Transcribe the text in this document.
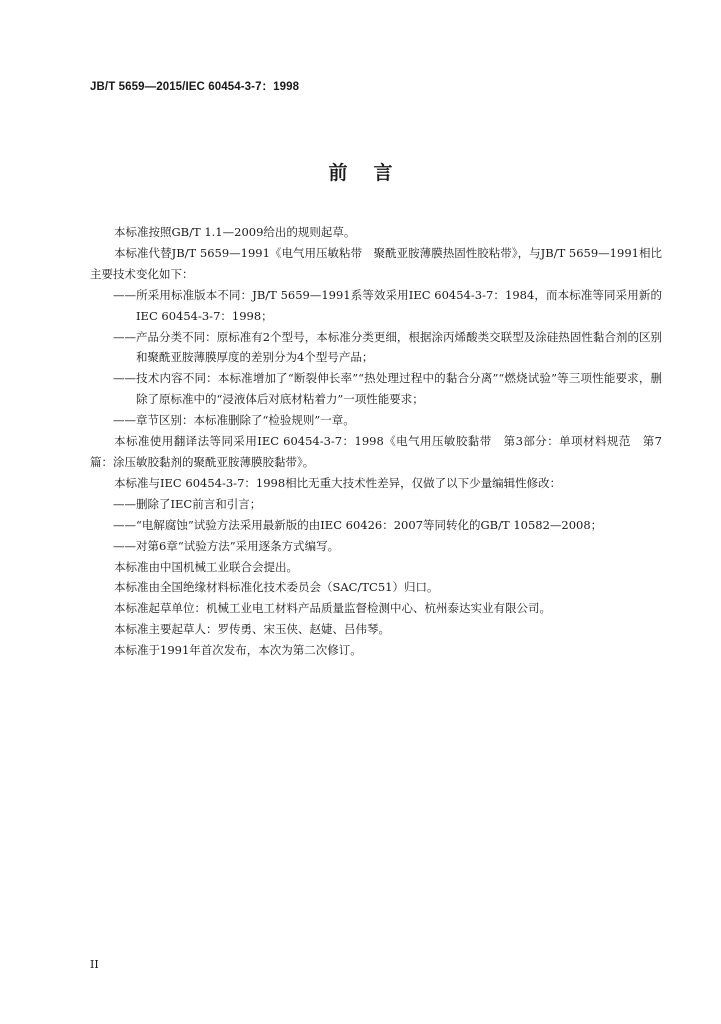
JB/T 5659—2015/IEC 60454-3-7：1998
前言

本标准按照GB/T 1.1—2009给出的规则起草。

本标准代替JB/T 5659—1991《电气用压敏粘带　聚酰亚胺薄膜热固性胶粘带》，与JB/T 5659—1991相比主要技术变化如下：

——所采用标准版本不同：JB/T 5659—1991系等效采用IEC 60454-3-7：1984，而本标准等同采用新的IEC 60454-3-7：1998；

——产品分类不同：原标准有2个型号，本标准分类更细，根据涂丙烯酸类交联型及涂硅热固性黏合剂的区别和聚酰亚胺薄膜厚度的差别分为4个型号产品；

——技术内容不同：本标准增加了“断裂伸长率”“热处理过程中的黏合分离”“燃烧试验”等三项性能要求，删除了原标准中的“浸液体后对底材粘着力”一项性能要求；

——章节区别：本标准删除了“检验规则”一章。

本标准使用翻译法等同采用IEC 60454-3-7：1998《电气用压敏胶黏带　第3部分：单项材料规范　第7篇：涂压敏胶黏剂的聚酰亚胺薄膜胶黏带》。

本标准与IEC 60454-3-7：1998相比无重大技术性差异，仅做了以下少量编辑性修改：

——删除了IEC前言和引言；

——“电解腐蚀”试验方法采用最新版的由IEC 60426：2007等同转化的GB/T 10582—2008；

——对第6章“试验方法”采用逐条方式编写。

本标准由中国机械工业联合会提出。

本标准由全国绝缘材料标准化技术委员会（SAC/TC51）归口。

本标准起草单位：机械工业电工材料产品质量监督检测中心、杭州泰达实业有限公司。

本标准主要起草人：罗传勇、宋玉侠、赵婕、吕伟琴。

本标准于1991年首次发布，本次为第二次修订。

II
